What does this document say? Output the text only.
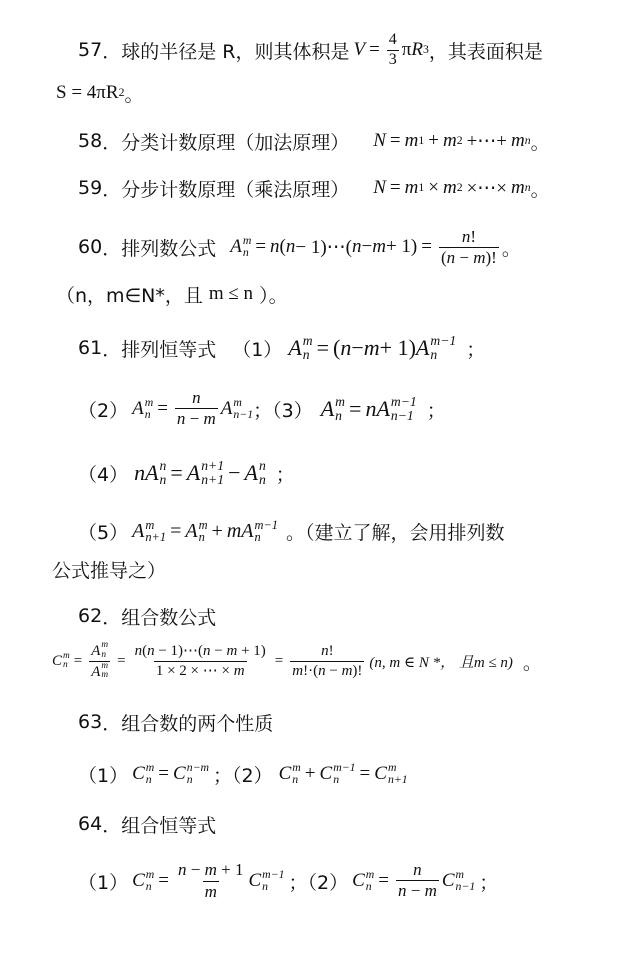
57 ． 球的半径是 R，则其体积是 $V = \frac{4}{3}$ π R 3 ，其表面积是
S = 4πR 2 。
58 ． 分类计数原理（加法原理） N = m 1 + m 2 +⋯+ m n 。
59 ． 分步计数原理（乘法原理） N = m 1 × m 2 ×⋯× m n 。
60 ． 排列数公式 A m
n = n ( n − 1)⋯( $n - m + 1) = \frac{n!}{(n - m)!}$ 。
（ n，m∈N*，且 m ≤ n ）。
61 ． 排列恒等式 （1） A m
n = ( n − m + 1) A m−1
n	；
（2） A m
$n = \frac{n}{n - m}$ A m
n−1 ；（3） A m
n = nA m−1
n−1 ；
（4） nA n
n = A n+1
n+1 − A n
n ；
（5） A m
n+1 = A m
n + mA m−1
n	。（建立了解，会用排列数
公式推导之）
62 ． 组合数公式
C m
n = A m
n
A m
$m = \frac{n(n - 1)\cdots(n - m + 1)}{1 \times 2 \times \cdots \times m} = \frac{n!}{m!\cdot(n - m)!} (n$, m ∈ N *， 且m ≤ n) 。
63 ． 组合数的两个性质
（1） C m
n = C n−m
n	；（2） C m
n + C m−1
n	= C m
n+1
64 ． 组合恒等式
（1） C m
$n = \frac{n - m + 1}{m}$ C m−1
n	；（2） C m
$n = \frac{n}{n - m}$ C m
n−1 ；
